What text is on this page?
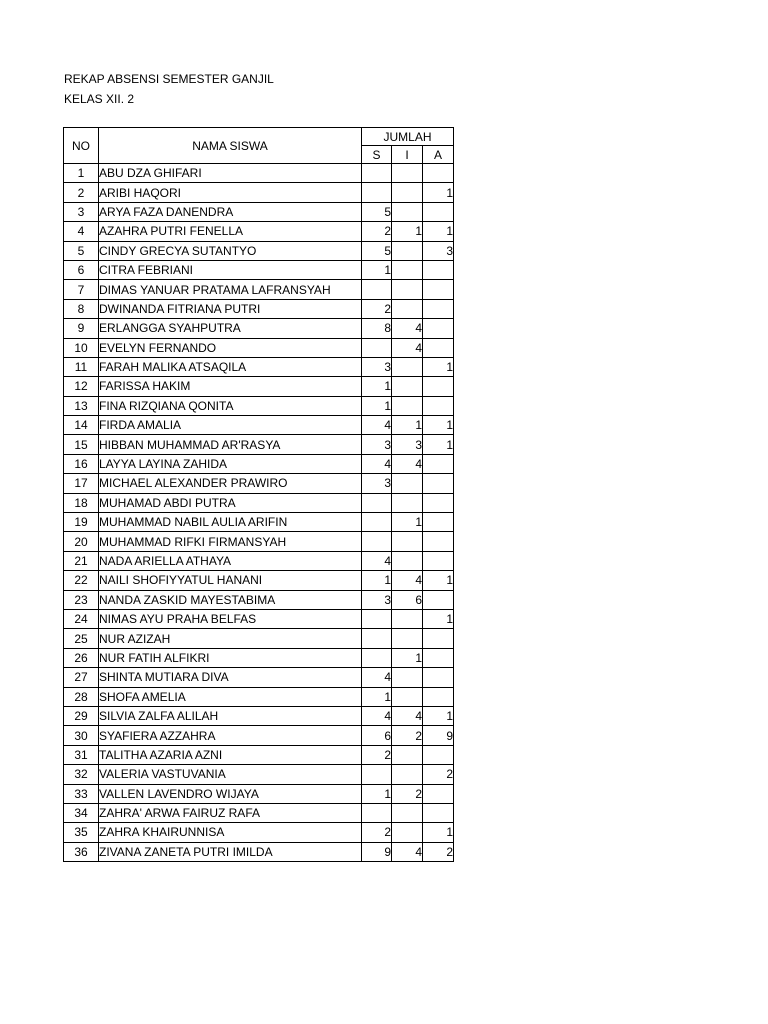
REKAP ABSENSI SEMESTER GANJIL
KELAS XII. 2
NO	NAMA SISWA	JUMLAH		
		S	I	A
1	ABU DZA GHIFARI			
2	ARIBI HAQORI			1
3	ARYA FAZA DANENDRA	5		
4	AZAHRA PUTRI FENELLA	2	1	1
5	CINDY GRECYA SUTANTYO	5		3
6	CITRA FEBRIANI	1		
7	DIMAS YANUAR PRATAMA LAFRANSYAH			
8	DWINANDA FITRIANA PUTRI	2		
9	ERLANGGA SYAHPUTRA	8	4	
10	EVELYN FERNANDO		4	
11	FARAH MALIKA ATSAQILA	3		1
12	FARISSA HAKIM	1		
13	FINA RIZQIANA QONITA	1		
14	FIRDA AMALIA	4	1	1
15	HIBBAN MUHAMMAD AR'RASYA	3	3	1
16	LAYYA LAYINA ZAHIDA	4	4	
17	MICHAEL ALEXANDER PRAWIRO	3		
18	MUHAMAD ABDI PUTRA			
19	MUHAMMAD NABIL AULIA ARIFIN		1	
20	MUHAMMAD RIFKI FIRMANSYAH			
21	NADA ARIELLA ATHAYA	4		
22	NAILI SHOFIYYATUL HANANI	1	4	1
23	NANDA ZASKID MAYESTABIMA	3	6	
24	NIMAS AYU PRAHA BELFAS			1
25	NUR AZIZAH			
26	NUR FATIH ALFIKRI		1	
27	SHINTA MUTIARA DIVA	4		
28	SHOFA AMELIA	1		
29	SILVIA ZALFA ALILAH	4	4	1
30	SYAFIERA AZZAHRA	6	2	9
31	TALITHA AZARIA AZNI	2		
32	VALERIA VASTUVANIA			2
33	VALLEN LAVENDRO WIJAYA	1	2	
34	ZAHRA' ARWA FAIRUZ RAFA			
35	ZAHRA KHAIRUNNISA	2		1
36	ZIVANA ZANETA PUTRI IMILDA	9	4	2
